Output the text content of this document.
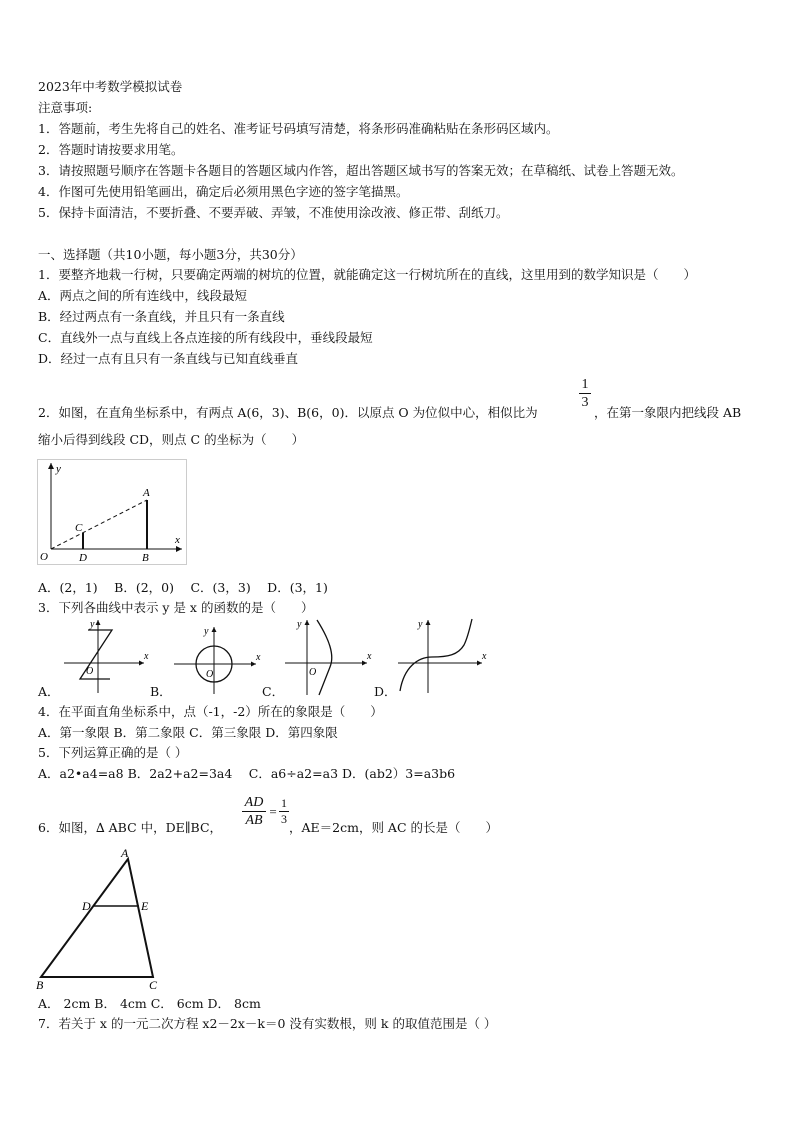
2023年中考数学模拟试卷
注意事项:
1．答题前，考生先将自己的姓名、准考证号码填写清楚，将条形码准确粘贴在条形码区域内。
2．答题时请按要求用笔。
3．请按照题号顺序在答题卡各题目的答题区域内作答，超出答题区域书写的答案无效；在草稿纸、试卷上答题无效。
4．作图可先使用铅笔画出，确定后必须用黑色字迹的签字笔描黑。
5．保持卡面清洁，不要折叠、不要弄破、弄皱，不准使用涂改液、修正带、刮纸刀。
一、选择题（共10小题，每小题3分，共30分）
1．要整齐地栽一行树，只要确定两端的树坑的位置，就能确定这一行树坑所在的直线，这里用到的数学知识是（　　）
A．两点之间的所有连线中，线段最短
B．经过两点有一条直线，并且只有一条直线
C．直线外一点与直线上各点连接的所有线段中，垂线段最短
D．经过一点有且只有一条直线与已知直线垂直
2．如图，在直角坐标系中，有两点 A(6，3)、B(6，0)．以原点 O 为位似中心，相似比为
1
3
，在第一象限内把线段 AB
缩小后得到线段 CD，则点 C 的坐标为（　　）
y
x
O
A
B
C
D
A．(2，1)　 B．(2，0)　 C．(3，3)　 D．(3，1)
3．下列各曲线中表示 y 是 x 的函数的是（　　）
A．
x
y
O
B．
x
y
O
C．
x
y
O
D．
x
y
4．在平面直角坐标系中，点（-1，-2）所在的象限是（　　）
A．第一象限 B．第二象限 C．第三象限 D．第四象限
5．下列运算正确的是（ ）
A．a2•a4=a8 B．2a2+a2=3a4　 C．a6÷a2=a3 D．(ab2）3=a3b6
6．如图，∆ ABC 中，DE∥BC，
AD
AB
=
1
3
，AE＝2cm，则 AC 的长是（　　）
A
B	C
D	E
A． 2cm B． 4cm C． 6cm D． 8cm
7．若关于 x 的一元二次方程 x2－2x－k＝0 没有实数根，则 k 的取值范围是（ ）
